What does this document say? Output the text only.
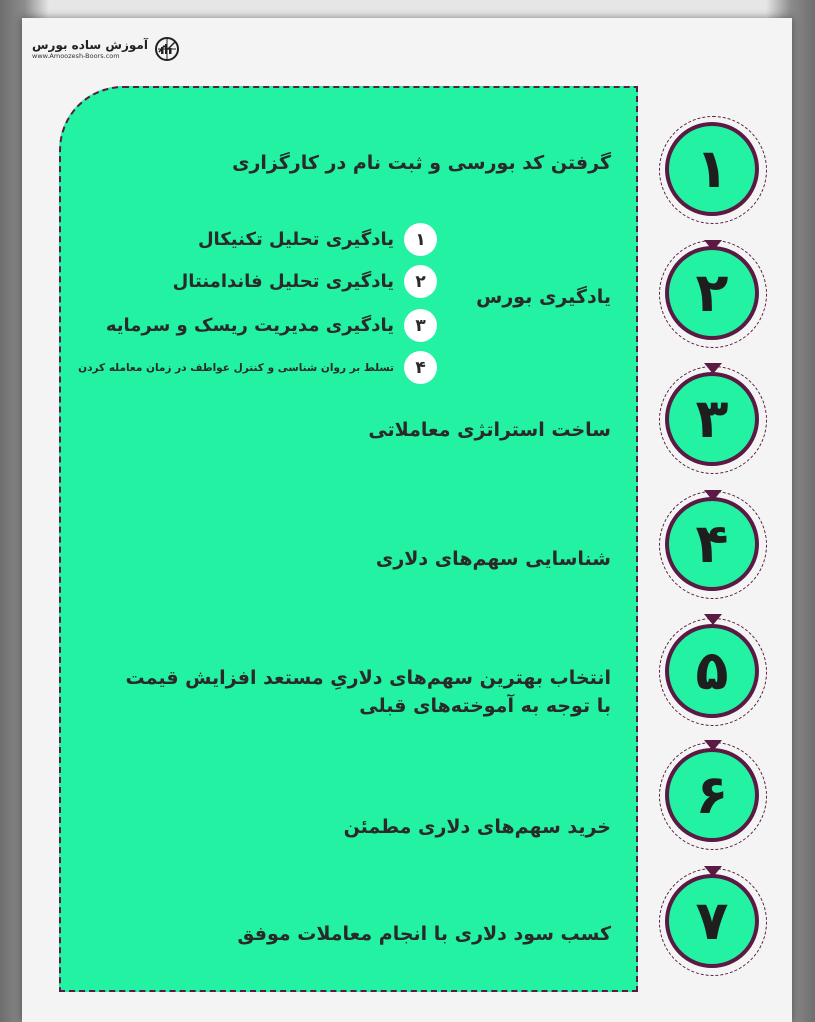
آموزش ساده بورس
www.Amoozesh-Boors.com
گرفتن کد بورسی و ثبت نام در کارگزاری
یادگیری بورس
ساخت استراتژی معاملاتی
شناسایی سهم‌های دلاری
انتخاب بهترین سهم‌های دلاریِ مستعد افزایش قیمت
با توجه به آموخته‌های قبلی
خرید سهم‌های دلاری مطمئن
کسب سود دلاری با انجام معاملات موفق
۱
یادگیری تحلیل تکنیکال
۲
یادگیری تحلیل فاندامنتال
۳
یادگیری مدیریت ریسک و سرمایه
۴
تسلط بر روان شناسی و کنترل عواطف در زمان معامله کردن
۱
۲
۳
۴
۵
۶
۷
